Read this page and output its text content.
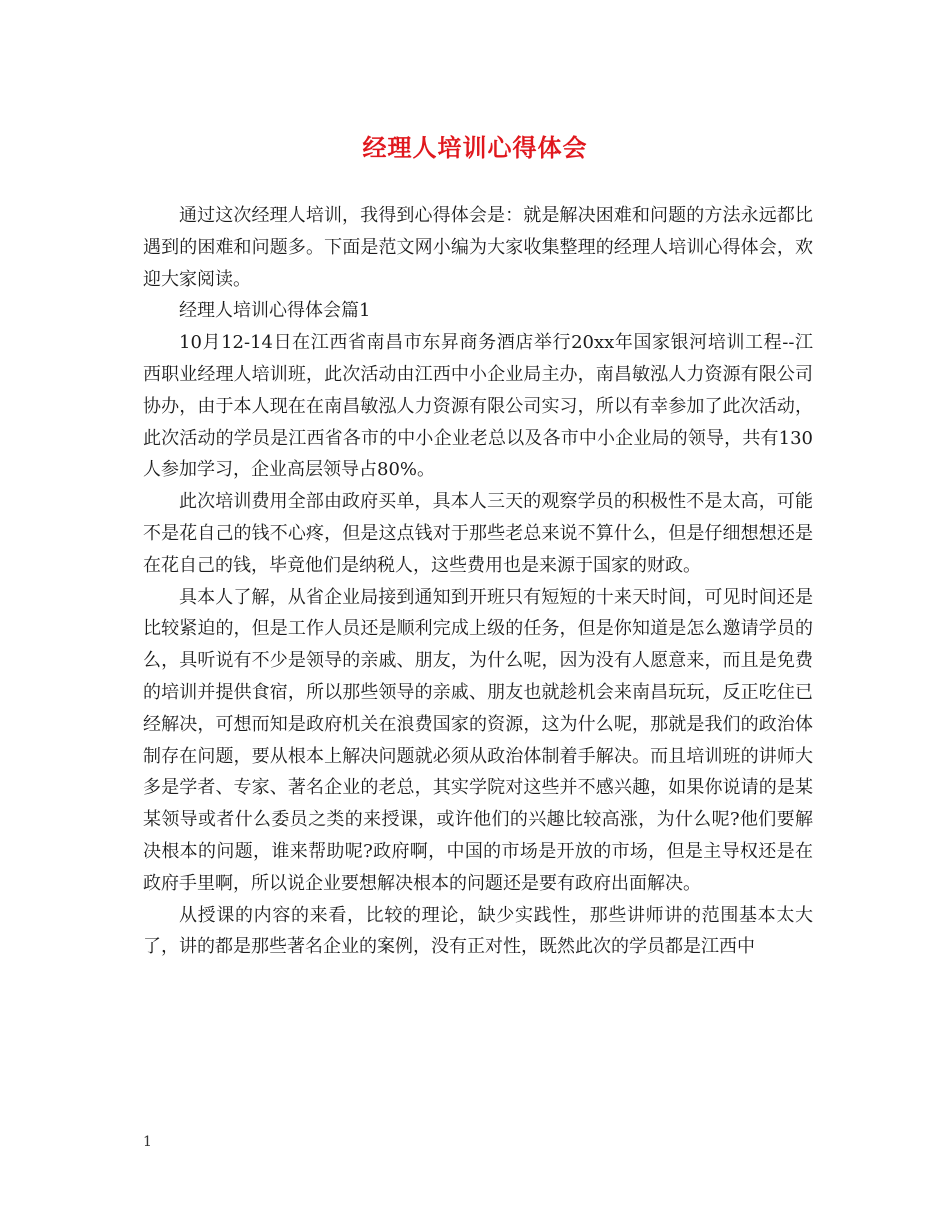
经理人培训心得体会

通过这次经理人培训，我得到心得体会是：就是解决困难和问题的方法永远都比遇到的困难和问题多。下面是范文网小编为大家收集整理的经理人培训心得体会，欢迎大家阅读。

经理人培训心得体会篇1

10月12-14日在江西省南昌市东昇商务酒店举行20xx年国家银河培训工程--江西职业经理人培训班，此次活动由江西中小企业局主办，南昌敏泓人力资源有限公司协办，由于本人现在在南昌敏泓人力资源有限公司实习，所以有幸参加了此次活动，此次活动的学员是江西省各市的中小企业老总以及各市中小企业局的领导，共有130人参加学习，企业高层领导占80%。

此次培训费用全部由政府买单，具本人三天的观察学员的积极性不是太高，可能不是花自己的钱不心疼，但是这点钱对于那些老总来说不算什么，但是仔细想想还是在花自己的钱，毕竟他们是纳税人，这些费用也是来源于国家的财政。

具本人了解，从省企业局接到通知到开班只有短短的十来天时间，可见时间还是比较紧迫的，但是工作人员还是顺利完成上级的任务，但是你知道是怎么邀请学员的么，具听说有不少是领导的亲戚、朋友，为什么呢，因为没有人愿意来，而且是免费的培训并提供食宿，所以那些领导的亲戚、朋友也就趁机会来南昌玩玩，反正吃住已经解决，可想而知是政府机关在浪费国家的资源，这为什么呢，那就是我们的政治体制存在问题，要从根本上解决问题就必须从政治体制着手解决。而且培训班的讲师大多是学者、专家、著名企业的老总，其实学院对这些并不感兴趣，如果你说请的是某某领导或者什么委员之类的来授课，或许他们的兴趣比较高涨，为什么呢?他们要解决根本的问题，谁来帮助呢?政府啊，中国的市场是开放的市场，但是主导权还是在政府手里啊，所以说企业要想解决根本的问题还是要有政府出面解决。

从授课的内容的来看，比较的理论，缺少实践性，那些讲师讲的范围基本太大了，讲的都是那些著名企业的案例，没有正对性，既然此次的学员都是江西中

1
